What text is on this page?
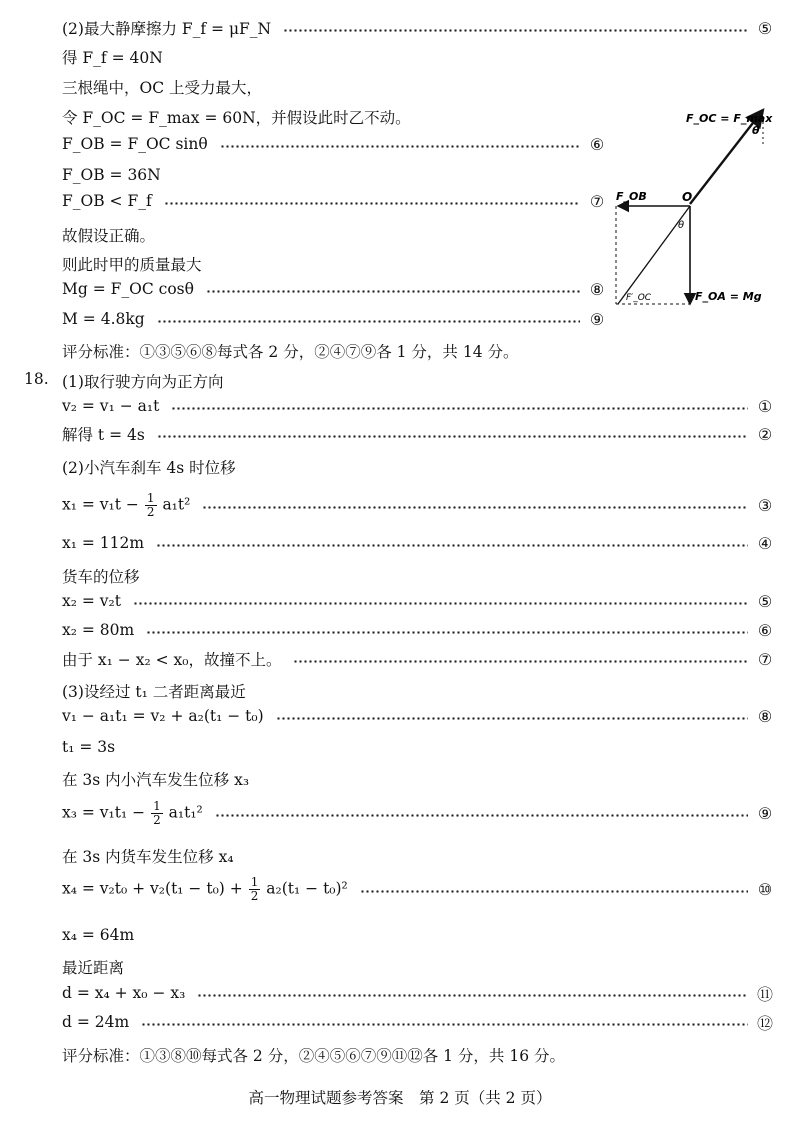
(2)最大静摩擦力 F_f = μF_N	⑤
得 F_f = 40N
三根绳中，OC 上受力最大，
令 F_OC = F_max = 60N，并假设此时乙不动。
F_OB = F_OC sinθ	⑥
F_OB = 36N
F_OB < F_f	⑦
故假设正确。
则此时甲的质量最大
Mg = F_OC cosθ	⑧
M = 4.8kg	⑨
评分标准：①③⑤⑥⑧每式各 2 分，②④⑦⑨各 1 分，共 14 分。
F_OC = F_max
θ
F_OB	O
θ
F_OA = Mg
F′_OC
18. (1)取行驶方向为正方向
v₂ = v₁ − a₁t	①
解得 t = 4s	②
(2)小汽车刹车 4s 时位移
$x_1 = v_1t - \frac{1}{2} a_1t^2$	③
x₁ = 112m	④
货车的位移
x₂ = v₂t	⑤
x₂ = 80m	⑥
由于 x₁ − x₂ < x₀，故撞不上。	⑦
(3)设经过 t₁ 二者距离最近
v₁ − a₁t₁ = v₂ + a₂(t₁ − t₀)	⑧
t₁ = 3s
在 3s 内小汽车发生位移 x₃
$x_3 = v_1t_1 - \frac{1}{2} a_1t_1^2$	⑨
在 3s 内货车发生位移 x₄
$x_4 = v_2t_0 + v_2(t_1 - t_0) + \frac{1}{2} a_2(t_1 - t_0)^2$	⑩
x₄ = 64m
最近距离
d = x₄ + x₀ − x₃	⑪
d = 24m	⑫
评分标准：①③⑧⑩每式各 2 分，②④⑤⑥⑦⑨⑪⑫各 1 分，共 16 分。
高一物理试题参考答案　第 2 页（共 2 页）
